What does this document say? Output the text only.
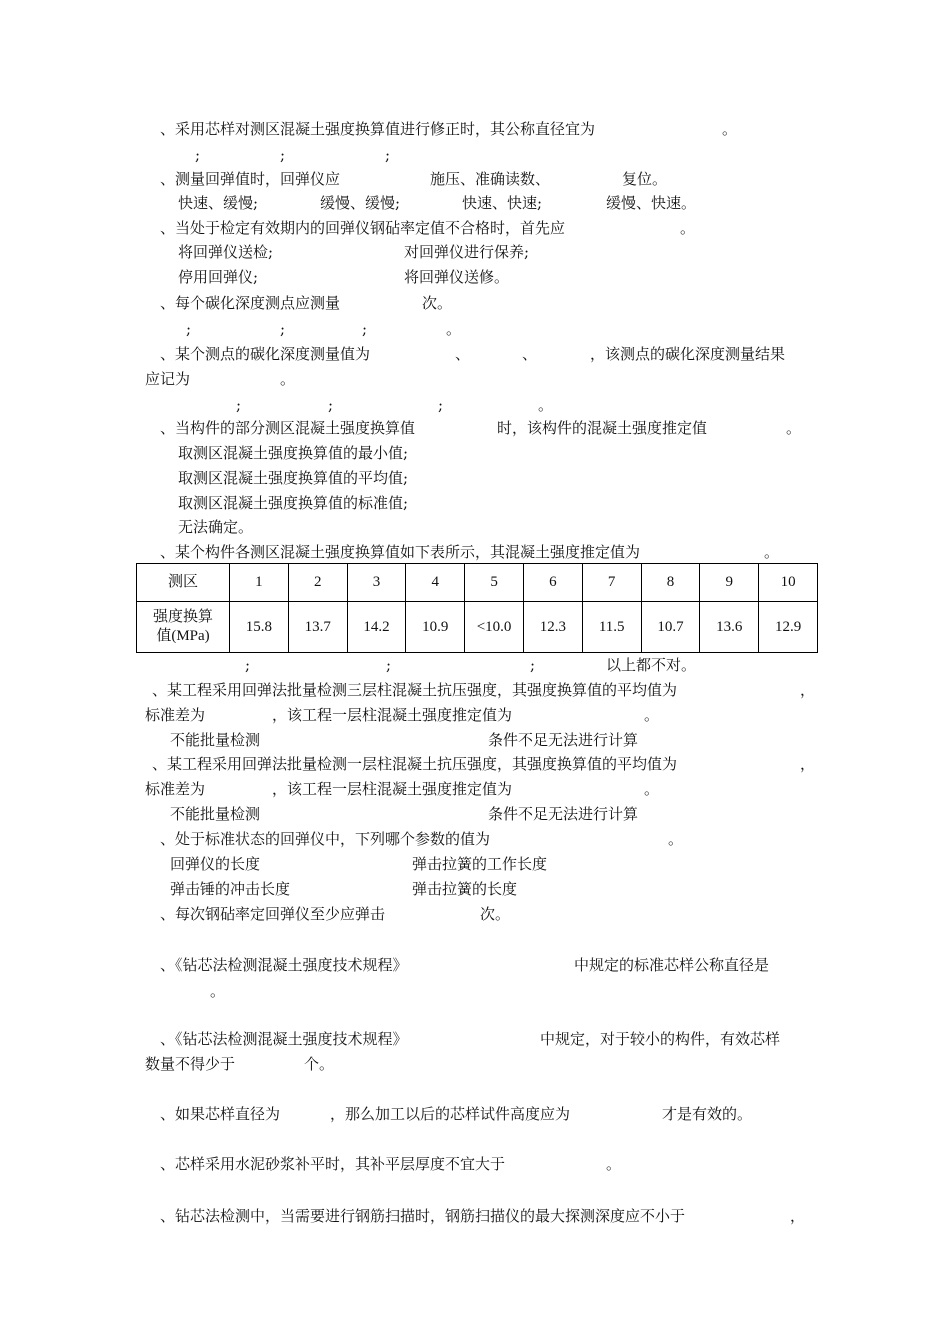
、采用芯样对测区混凝土强度换算值进行修正时，其公称直径宜为	。
;	;	;
、测量回弹值时，回弹仪应	施压、准确读数、	复位。
快速、缓慢;	缓慢、缓慢;	快速、快速;	缓慢、快速。
、当处于检定有效期内的回弹仪钢砧率定值不合格时，首先应	。
将回弹仪送检;	对回弹仪进行保养;
停用回弹仪;	将回弹仪送修。
、每个碳化深度测点应测量	次。
;	;	;	。
、某个测点的碳化深度测量值为	、	、	，该测点的碳化深度测量结果
应记为	。
;	;	;	。
、当构件的部分测区混凝土强度换算值	时，该构件的混凝土强度推定值	。
取测区混凝土强度换算值的最小值;
取测区混凝土强度换算值的平均值;
取测区混凝土强度换算值的标准值;
无法确定。
、某个构件各测区混凝土强度换算值如下表所示，其混凝土强度推定值为	。
测区	1	2	3	4	5	6	7	8	9	10

强度换算
值(MPa)	15.8	13.7	14.2	10.9	<10.0	12.3	11.5	10.7	13.6	12.9
;	;	;	以上都不对。
、某工程采用回弹法批量检测三层柱混凝土抗压强度，其强度换算值的平均值为	，
标准差为	，该工程一层柱混凝土强度推定值为	。
不能批量检测	条件不足无法进行计算
、某工程采用回弹法批量检测一层柱混凝土抗压强度，其强度换算值的平均值为	，
标准差为	，该工程一层柱混凝土强度推定值为	。
不能批量检测	条件不足无法进行计算
、处于标准状态的回弹仪中，下列哪个参数的值为	。
回弹仪的长度	弹击拉簧的工作长度
弹击锤的冲击长度	弹击拉簧的长度
、每次钢砧率定回弹仪至少应弹击	次。
、《钻芯法检测混凝土强度技术规程》	中规定的标准芯样公称直径是
。
、《钻芯法检测混凝土强度技术规程》	中规定，对于较小的构件，有效芯样
数量不得少于	个。
、如果芯样直径为	，那么加工以后的芯样试件高度应为	才是有效的。
、芯样采用水泥砂浆补平时，其补平层厚度不宜大于	。
、钻芯法检测中，当需要进行钢筋扫描时，钢筋扫描仪的最大探测深度应不小于	，
